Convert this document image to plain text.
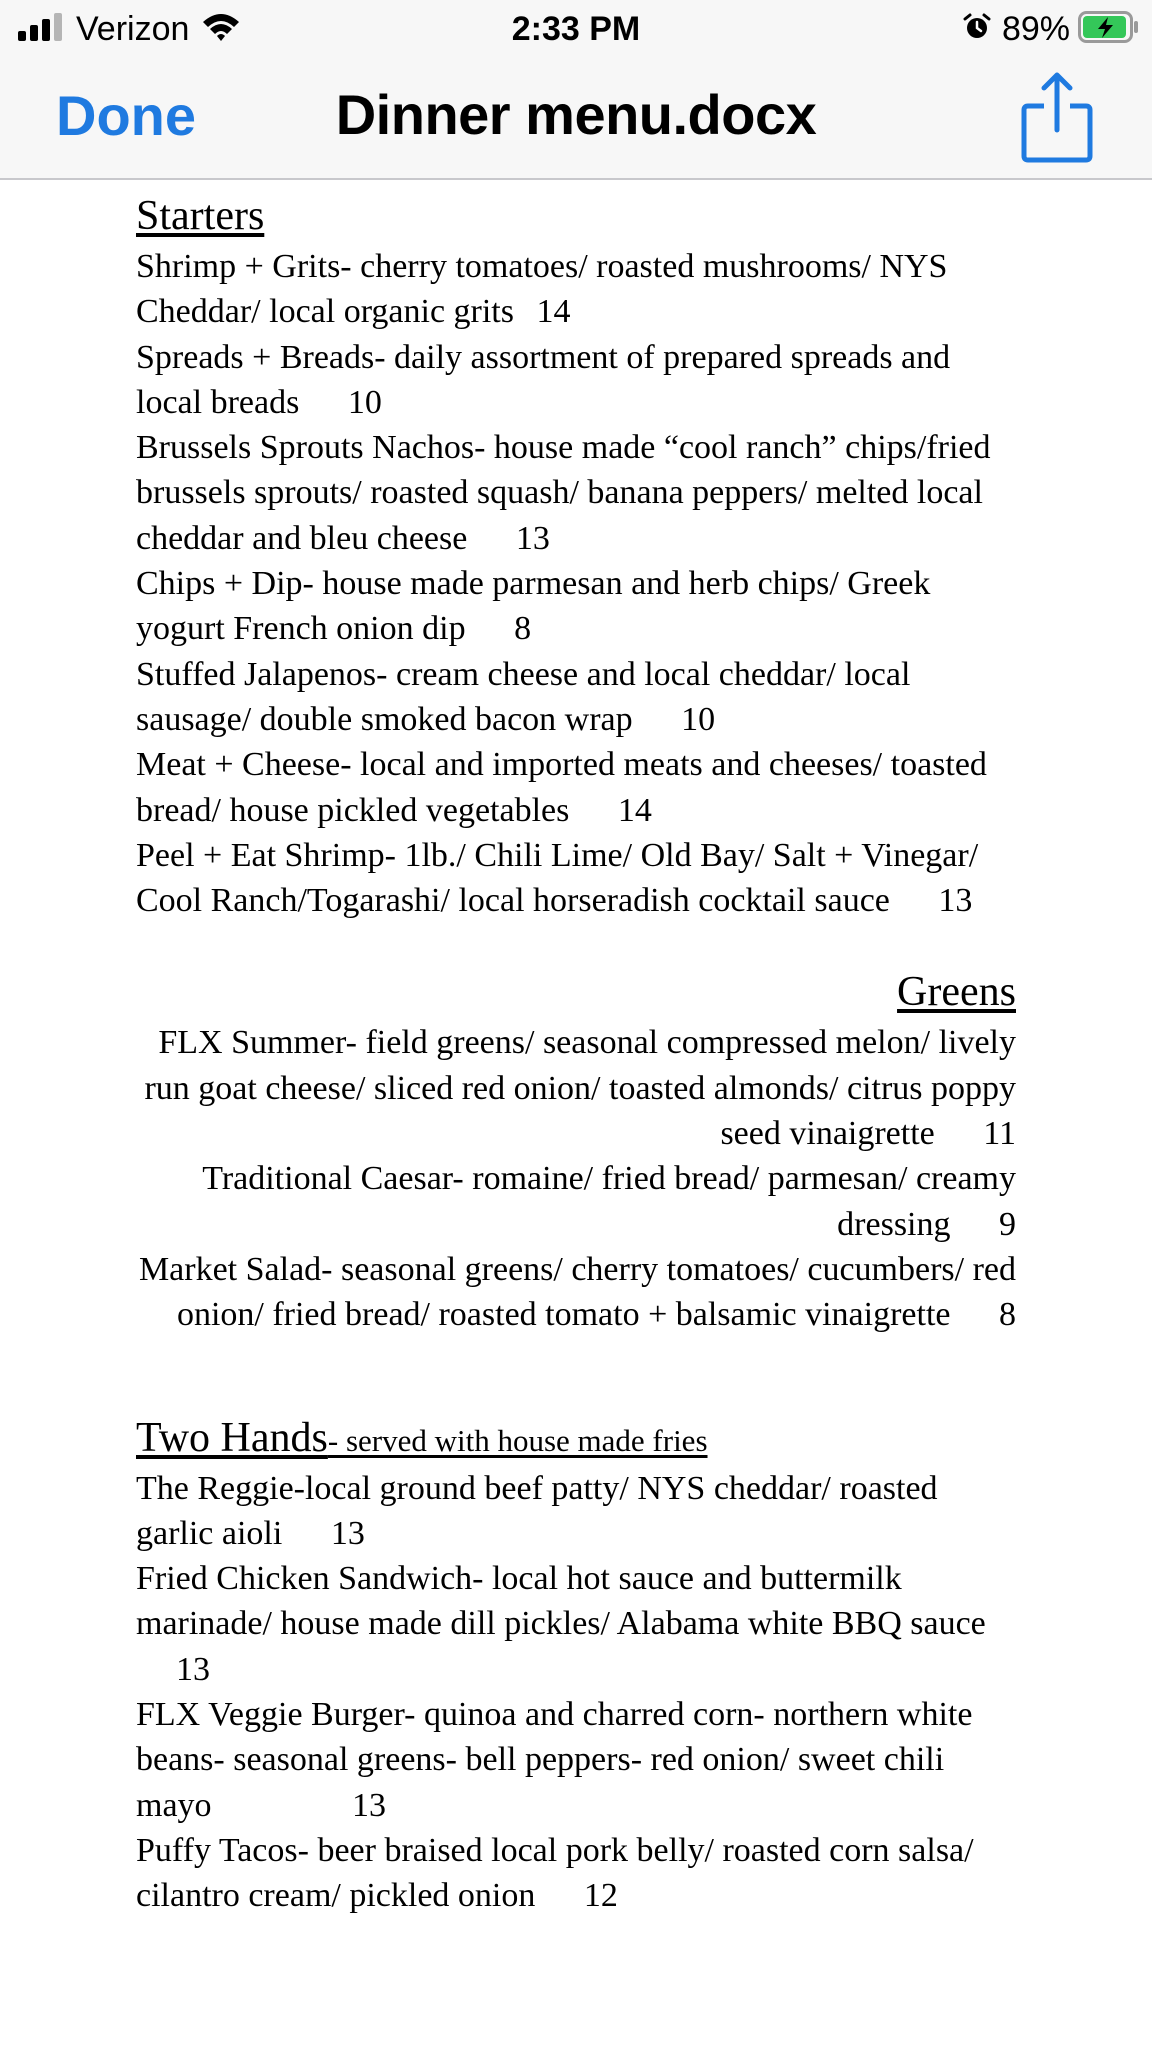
Verizon	2:33 PM	89%
Done	Dinner menu.docx
Starters

Shrimp + Grits- cherry tomatoes/ roasted mushrooms/ NYS Cheddar/ local organic grits 14

Spreads + Breads- daily assortment of prepared spreads and local breads 10

Brussels Sprouts Nachos- house made “cool ranch” chips/fried brussels sprouts/ roasted squash/ banana peppers/ melted local cheddar and bleu cheese 13

Chips + Dip- house made parmesan and herb chips/ Greek yogurt French onion dip 8

Stuffed Jalapenos- cream cheese and local cheddar/ local sausage/ double smoked bacon wrap 10

Meat + Cheese- local and imported meats and cheeses/ toasted bread/ house pickled vegetables 14

Peel + Eat Shrimp- 1lb./ Chili Lime/ Old Bay/ Salt + Vinegar/ Cool Ranch/Togarashi/ local horseradish cocktail sauce 13

Greens

FLX Summer- field greens/ seasonal compressed melon/ lively run goat cheese/ sliced red onion/ toasted almonds/ citrus poppy seed vinaigrette 11

Traditional Caesar- romaine/ fried bread/ parmesan/ creamy dressing 9

Market Salad- seasonal greens/ cherry tomatoes/ cucumbers/ red onion/ fried bread/ roasted tomato + balsamic vinaigrette 8

Two Hands- served with house made fries

The Reggie-local ground beef patty/ NYS cheddar/ roasted garlic aioli 13

Fried Chicken Sandwich- local hot sauce and buttermilk marinade/ house made dill pickles/ Alabama white BBQ sauce 13

FLX Veggie Burger- quinoa and charred corn- northern white beans- seasonal greens- bell peppers- red onion/ sweet chili mayo	13

Puffy Tacos- beer braised local pork belly/ roasted corn salsa/ cilantro cream/ pickled onion 12
